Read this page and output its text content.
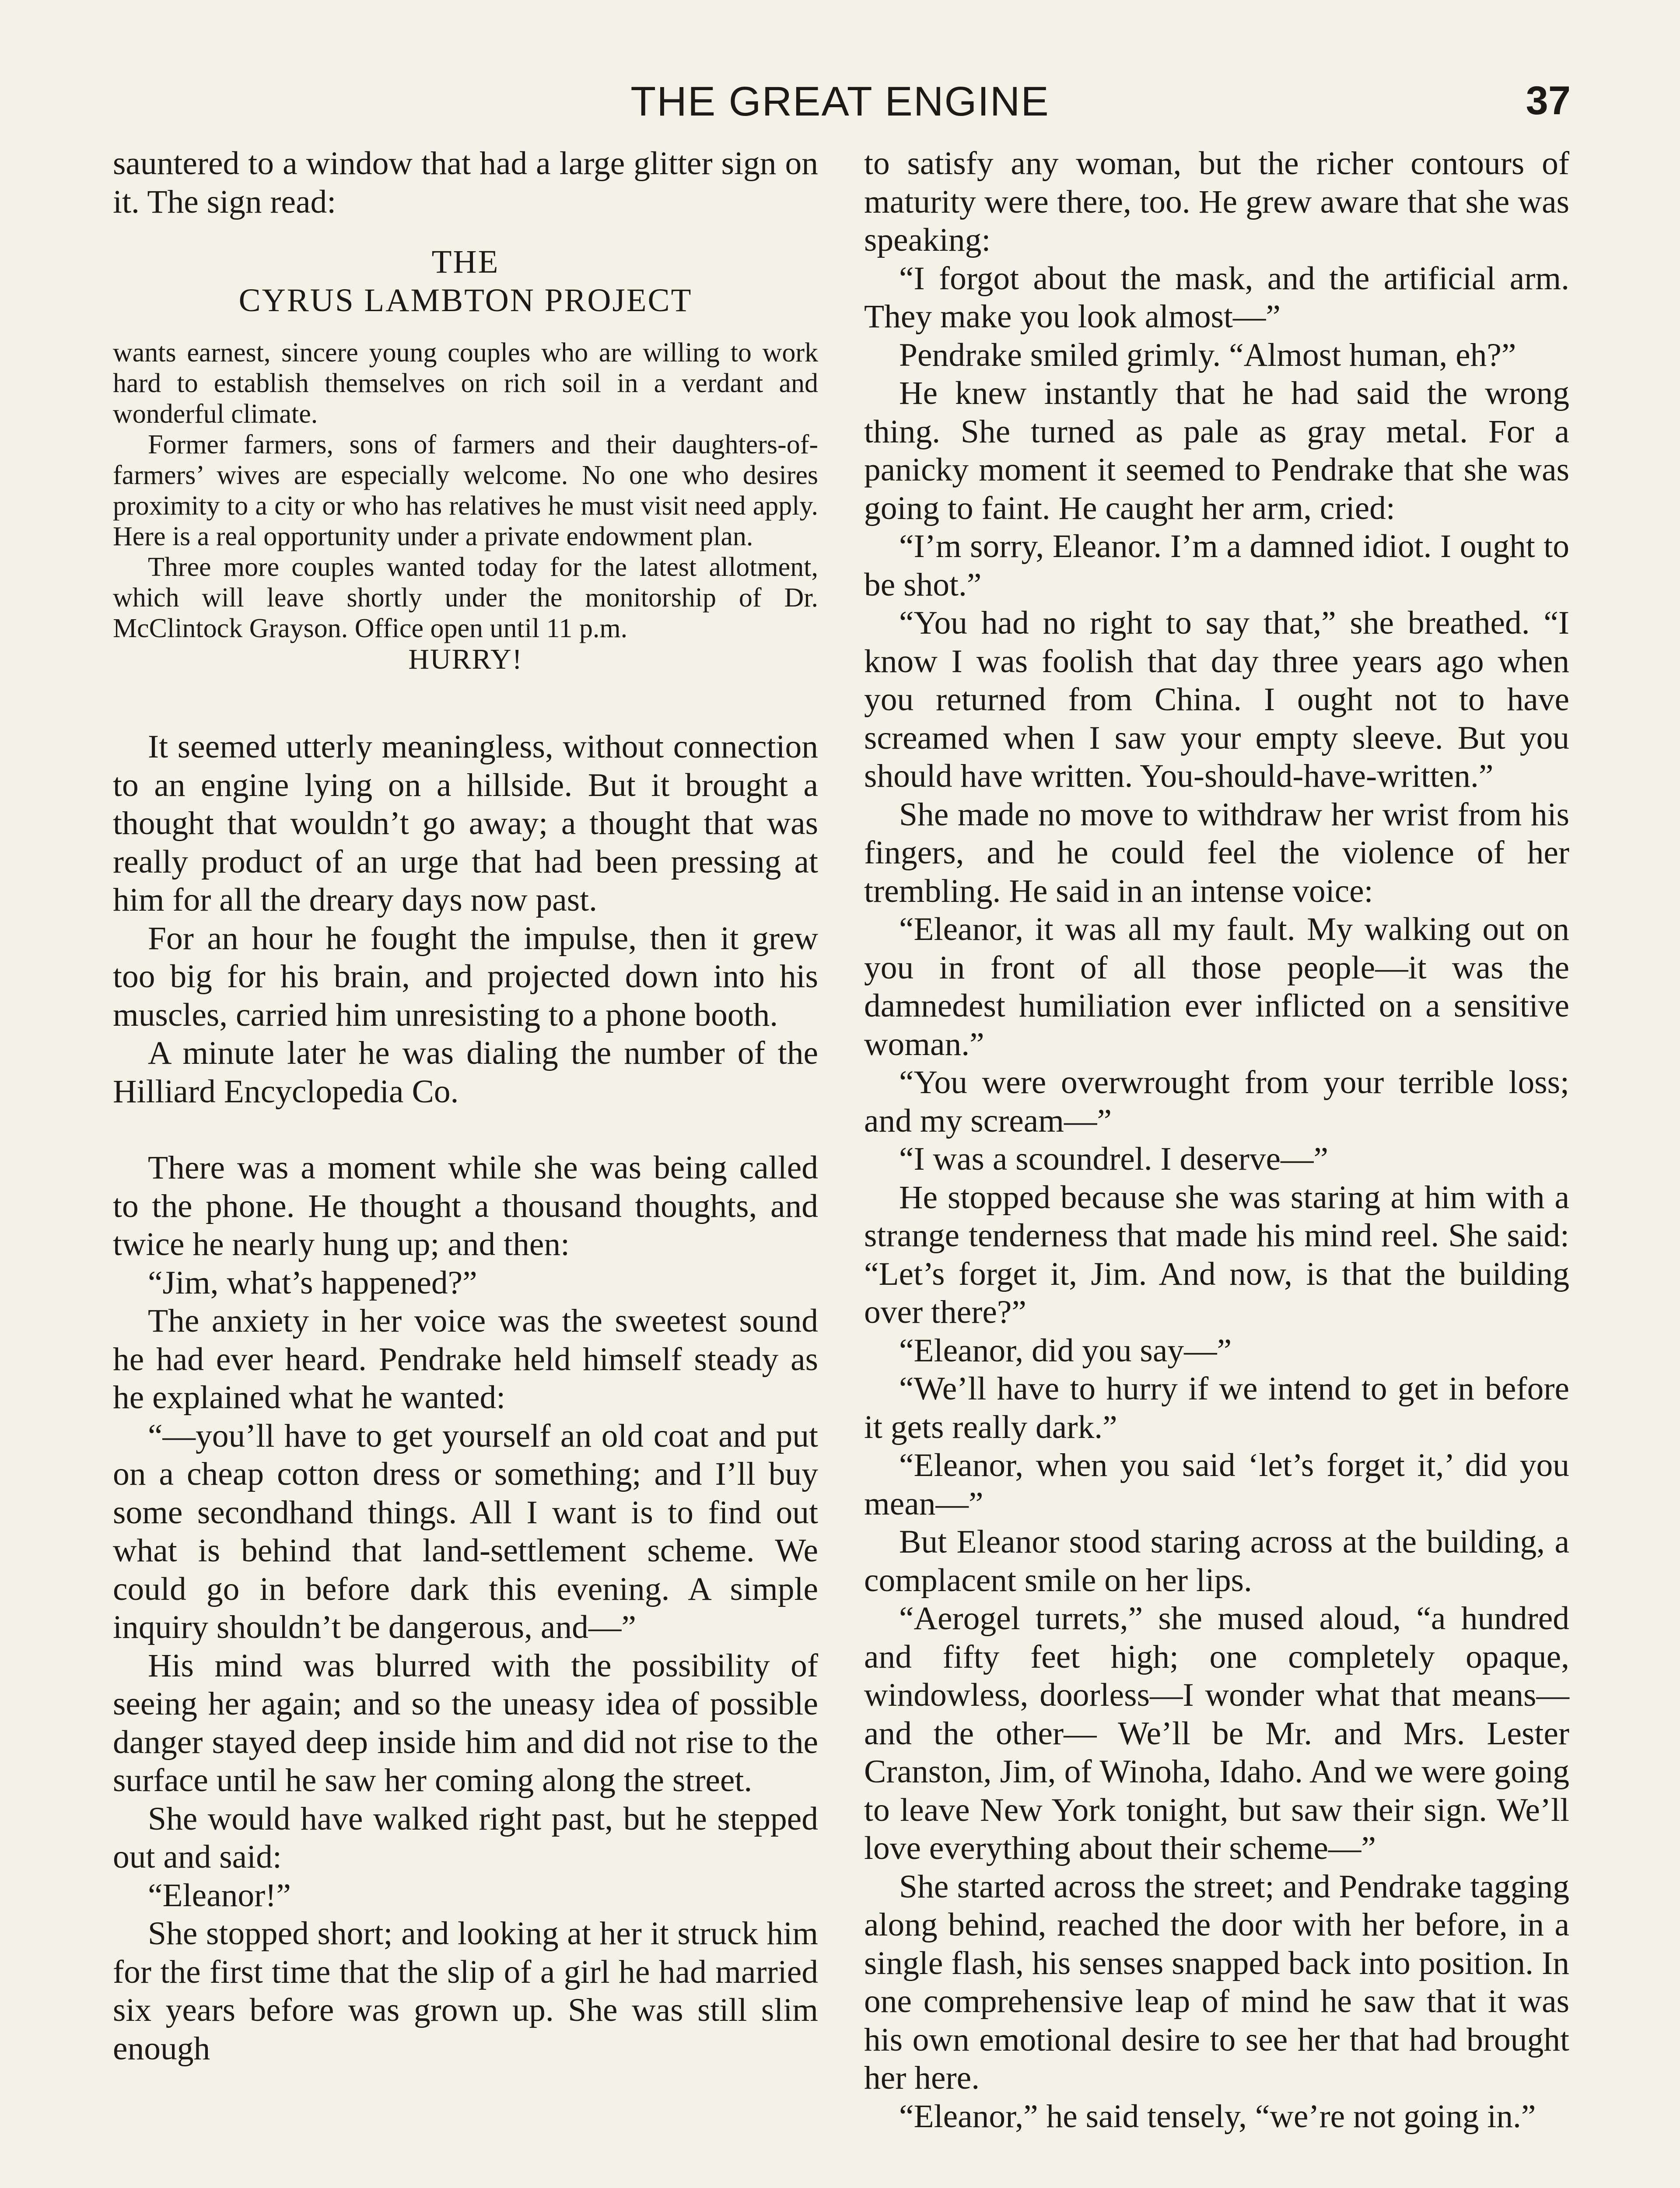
THE GREAT ENGINE	37

sauntered to a window that had a large glitter sign on it. The sign read:

THE
CYRUS LAMBTON PROJECT

wants earnest, sincere young couples who are willing to work hard to establish themselves on rich soil in a verdant and wonderful climate.

Former farmers, sons of farmers and their daughters-of-farmers’ wives are especially welcome. No one who desires proximity to a city or who has relatives he must visit need apply. Here is a real opportunity under a private endowment plan.

Three more couples wanted today for the latest allotment, which will leave shortly under the monitorship of Dr. McClintock Grayson. Office open until 11 p.m.

HURRY!

It seemed utterly meaningless, without connection to an engine lying on a hillside. But it brought a thought that wouldn’t go away; a thought that was really product of an urge that had been pressing at him for all the dreary days now past.

For an hour he fought the impulse, then it grew too big for his brain, and projected down into his muscles, carried him unresisting to a phone booth.

A minute later he was dialing the number of the Hilliard Encyclopedia Co.

There was a moment while she was being called to the phone. He thought a thousand thoughts, and twice he nearly hung up; and then:

“Jim, what’s happened?”

The anxiety in her voice was the sweetest sound he had ever heard. Pendrake held himself steady as he explained what he wanted:

“—you’ll have to get yourself an old coat and put on a cheap cotton dress or something; and I’ll buy some secondhand things. All I want is to find out what is behind that land-settlement scheme. We could go in before dark this evening. A simple inquiry shouldn’t be dangerous, and—”

His mind was blurred with the possibility of seeing her again; and so the uneasy idea of possible danger stayed deep inside him and did not rise to the surface until he saw her coming along the street.

She would have walked right past, but he stepped out and said:

“Eleanor!”

She stopped short; and looking at her it struck him for the first time that the slip of a girl he had married six years before was grown up. She was still slim enough

to satisfy any woman, but the richer contours of maturity were there, too. He grew aware that she was speaking:

“I forgot about the mask, and the artificial arm. They make you look almost—”

Pendrake smiled grimly. “Almost human, eh?”

He knew instantly that he had said the wrong thing. She turned as pale as gray metal. For a panicky moment it seemed to Pendrake that she was going to faint. He caught her arm, cried:

“I’m sorry, Eleanor. I’m a damned idiot. I ought to be shot.”

“You had no right to say that,” she breathed. “I know I was foolish that day three years ago when you returned from China. I ought not to have screamed when I saw your empty sleeve. But you should have written. You-should-have-written.”

She made no move to withdraw her wrist from his fingers, and he could feel the violence of her trembling. He said in an intense voice:

“Eleanor, it was all my fault. My walking out on you in front of all those people—it was the damnedest humiliation ever inflicted on a sensitive woman.”

“You were overwrought from your terrible loss; and my scream—”

“I was a scoundrel. I deserve—”

He stopped because she was staring at him with a strange tenderness that made his mind reel. She said: “Let’s forget it, Jim. And now, is that the building over there?”

“Eleanor, did you say—”

“We’ll have to hurry if we intend to get in before it gets really dark.”

“Eleanor, when you said ‘let’s forget it,’ did you mean—”

But Eleanor stood staring across at the building, a complacent smile on her lips.

“Aerogel turrets,” she mused aloud, “a hundred and fifty feet high; one completely opaque, windowless, doorless—I wonder what that means—and the other— We’ll be Mr. and Mrs. Lester Cranston, Jim, of Winoha, Idaho. And we were going to leave New York tonight, but saw their sign. We’ll love everything about their scheme—”

She started across the street; and Pendrake tagging along behind, reached the door with her before, in a single flash, his senses snapped back into position. In one comprehensive leap of mind he saw that it was his own emotional desire to see her that had brought her here.

“Eleanor,” he said tensely, “we’re not going in.”
